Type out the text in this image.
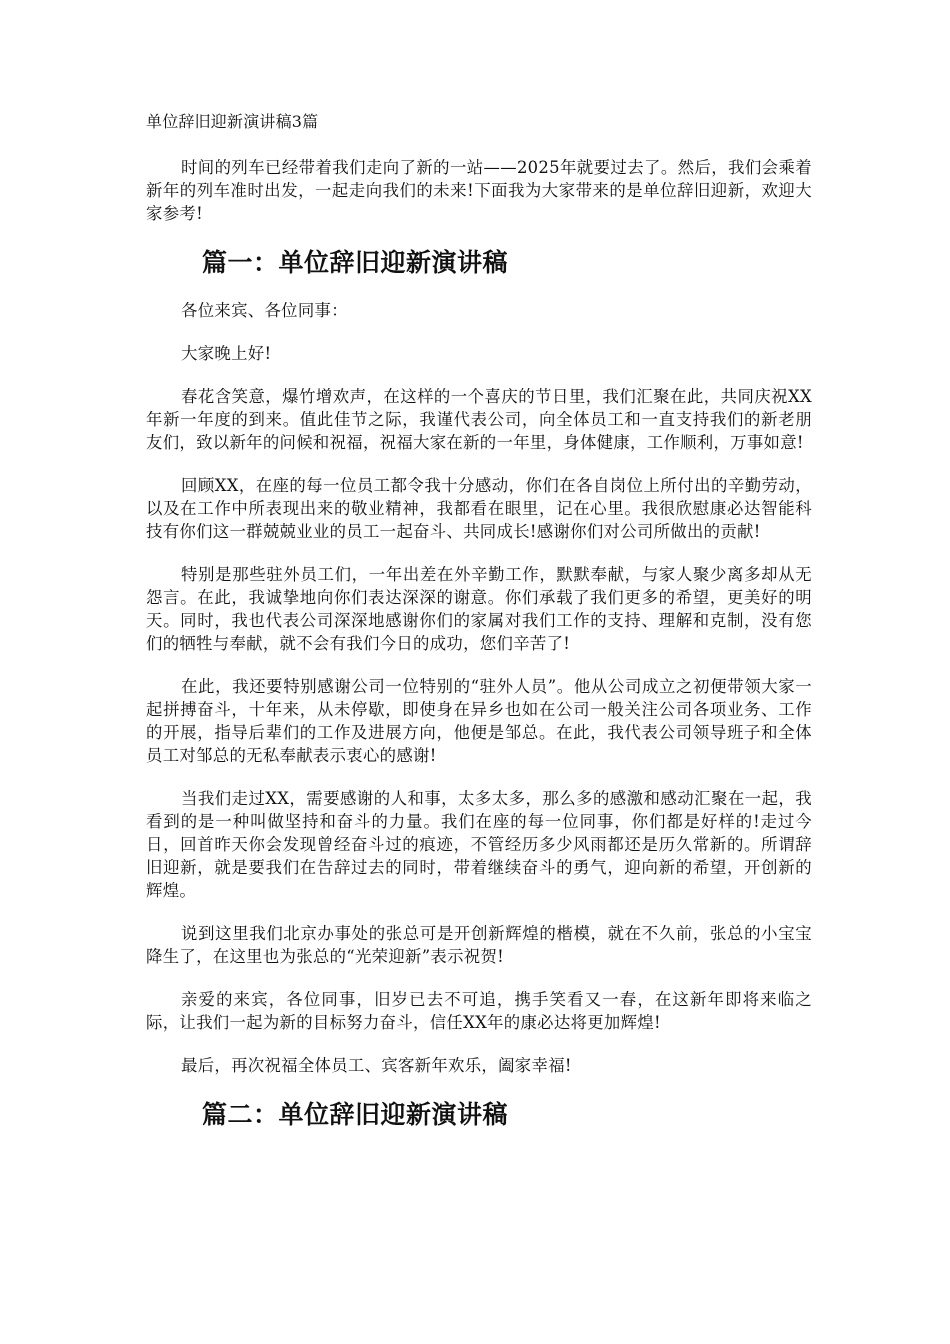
单位辞旧迎新演讲稿3篇

时间的列车已经带着我们走向了新的一站——2025年就要过去了。然后，我们会乘着新年的列车准时出发，一起走向我们的未来!下面我为大家带来的是单位辞旧迎新，欢迎大家参考!

篇一：单位辞旧迎新演讲稿

各位来宾、各位同事：

大家晚上好!

春花含笑意，爆竹增欢声，在这样的一个喜庆的节日里，我们汇聚在此，共同庆祝XX年新一年度的到来。值此佳节之际，我谨代表公司，向全体员工和一直支持我们的新老朋友们，致以新年的问候和祝福，祝福大家在新的一年里，身体健康，工作顺利，万事如意!

回顾XX，在座的每一位员工都令我十分感动，你们在各自岗位上所付出的辛勤劳动，以及在工作中所表现出来的敬业精神，我都看在眼里，记在心里。我很欣慰康必达智能科技有你们这一群兢兢业业的员工一起奋斗、共同成长!感谢你们对公司所做出的贡献!

特别是那些驻外员工们，一年出差在外辛勤工作，默默奉献，与家人聚少离多却从无怨言。在此，我诚挚地向你们表达深深的谢意。你们承载了我们更多的希望，更美好的明天。同时，我也代表公司深深地感谢你们的家属对我们工作的支持、理解和克制，没有您们的牺牲与奉献，就不会有我们今日的成功，您们辛苦了!

在此，我还要特别感谢公司一位特别的“驻外人员”。他从公司成立之初便带领大家一起拼搏奋斗，十年来，从未停歇，即使身在异乡也如在公司一般关注公司各项业务、工作的开展，指导后辈们的工作及进展方向，他便是邹总。在此，我代表公司领导班子和全体员工对邹总的无私奉献表示衷心的感谢!

当我们走过XX，需要感谢的人和事，太多太多，那么多的感激和感动汇聚在一起，我看到的是一种叫做坚持和奋斗的力量。我们在座的每一位同事，你们都是好样的!走过今日，回首昨天你会发现曾经奋斗过的痕迹，不管经历多少风雨都还是历久常新的。所谓辞旧迎新，就是要我们在告辞过去的同时，带着继续奋斗的勇气，迎向新的希望，开创新的辉煌。

说到这里我们北京办事处的张总可是开创新辉煌的楷模，就在不久前，张总的小宝宝降生了，在这里也为张总的“光荣迎新”表示祝贺!

亲爱的来宾，各位同事，旧岁已去不可追，携手笑看又一春，在这新年即将来临之际，让我们一起为新的目标努力奋斗，信任XX年的康必达将更加辉煌!

最后，再次祝福全体员工、宾客新年欢乐，阖家幸福!

篇二：单位辞旧迎新演讲稿
